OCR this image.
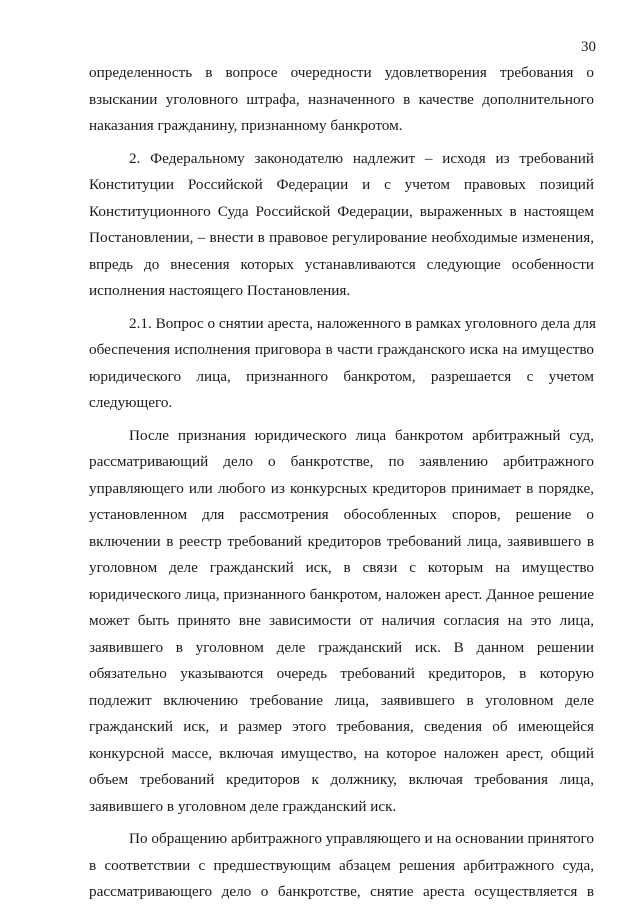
30

определенность в вопросе очередности удовлетворения требования о
взыскании уголовного штрафа, назначенного в качестве дополнительного
наказания гражданину, признанному банкротом.

2. Федеральному законодателю надлежит – исходя из требований
Конституции Российской Федерации и с учетом правовых позиций
Конституционного Суда Российской Федерации, выраженных в настоящем
Постановлении, – внести в правовое регулирование необходимые изменения,
впредь до внесения которых устанавливаются следующие особенности
исполнения настоящего Постановления.

2.1. Вопрос о снятии ареста, наложенного в рамках уголовного дела для
обеспечения исполнения приговора в части гражданского иска на имущество
юридического лица, признанного банкротом, разрешается с учетом
следующего.

После признания юридического лица банкротом арбитражный суд,
рассматривающий дело о банкротстве, по заявлению арбитражного
управляющего или любого из конкурсных кредиторов принимает в порядке,
установленном для рассмотрения обособленных споров, решение о
включении в реестр требований кредиторов требований лица, заявившего в
уголовном деле гражданский иск, в связи с которым на имущество
юридического лица, признанного банкротом, наложен арест. Данное решение
может быть принято вне зависимости от наличия согласия на это лица,
заявившего в уголовном деле гражданский иск. В данном решении
обязательно указываются очередь требований кредиторов, в которую
подлежит включению требование лица, заявившего в уголовном деле
гражданский иск, и размер этого требования, сведения об имеющейся
конкурсной массе, включая имущество, на которое наложен арест, общий
объем требований кредиторов к должнику, включая требования лица,
заявившего в уголовном деле гражданский иск.

По обращению арбитражного управляющего и на основании принятого
в соответствии с предшествующим абзацем решения арбитражного суда,
рассматривающего дело о банкротстве, снятие ареста осуществляется в
